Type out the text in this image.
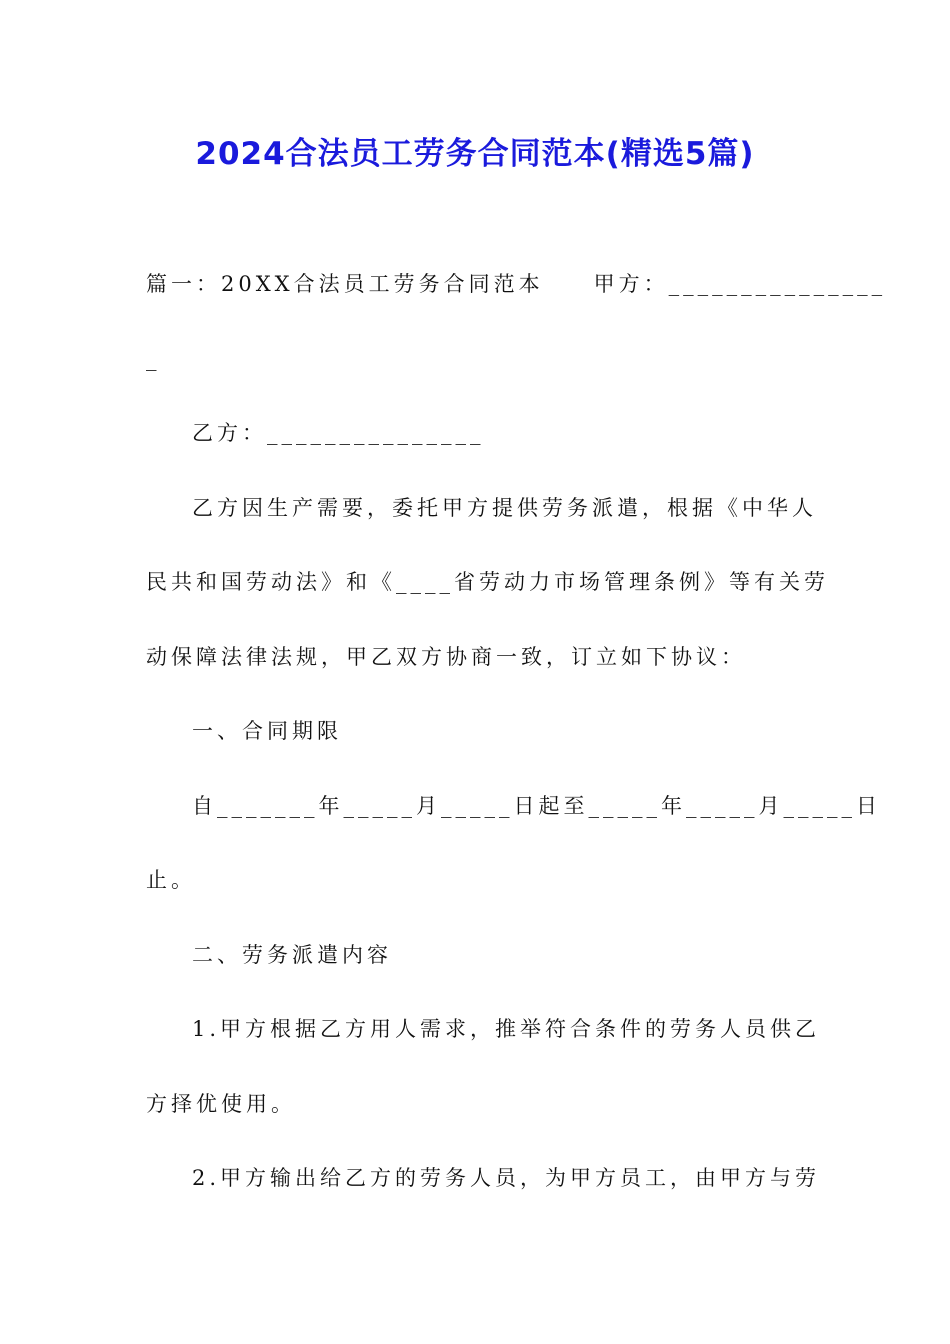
2024合法员工劳务合同范本(精选5篇)
篇一：20XX合法员工劳务合同范本　　甲方：_______________
_
乙方：_______________
乙方因生产需要，委托甲方提供劳务派遣，根据《中华人
民共和国劳动法》和《____省劳动力市场管理条例》等有关劳
动保障法律法规，甲乙双方协商一致，订立如下协议：
一、合同期限
自_______年_____月_____日起至_____年_____月_____日
止。
二、劳务派遣内容
1.甲方根据乙方用人需求，推举符合条件的劳务人员供乙
方择优使用。
2.甲方输出给乙方的劳务人员，为甲方员工，由甲方与劳
